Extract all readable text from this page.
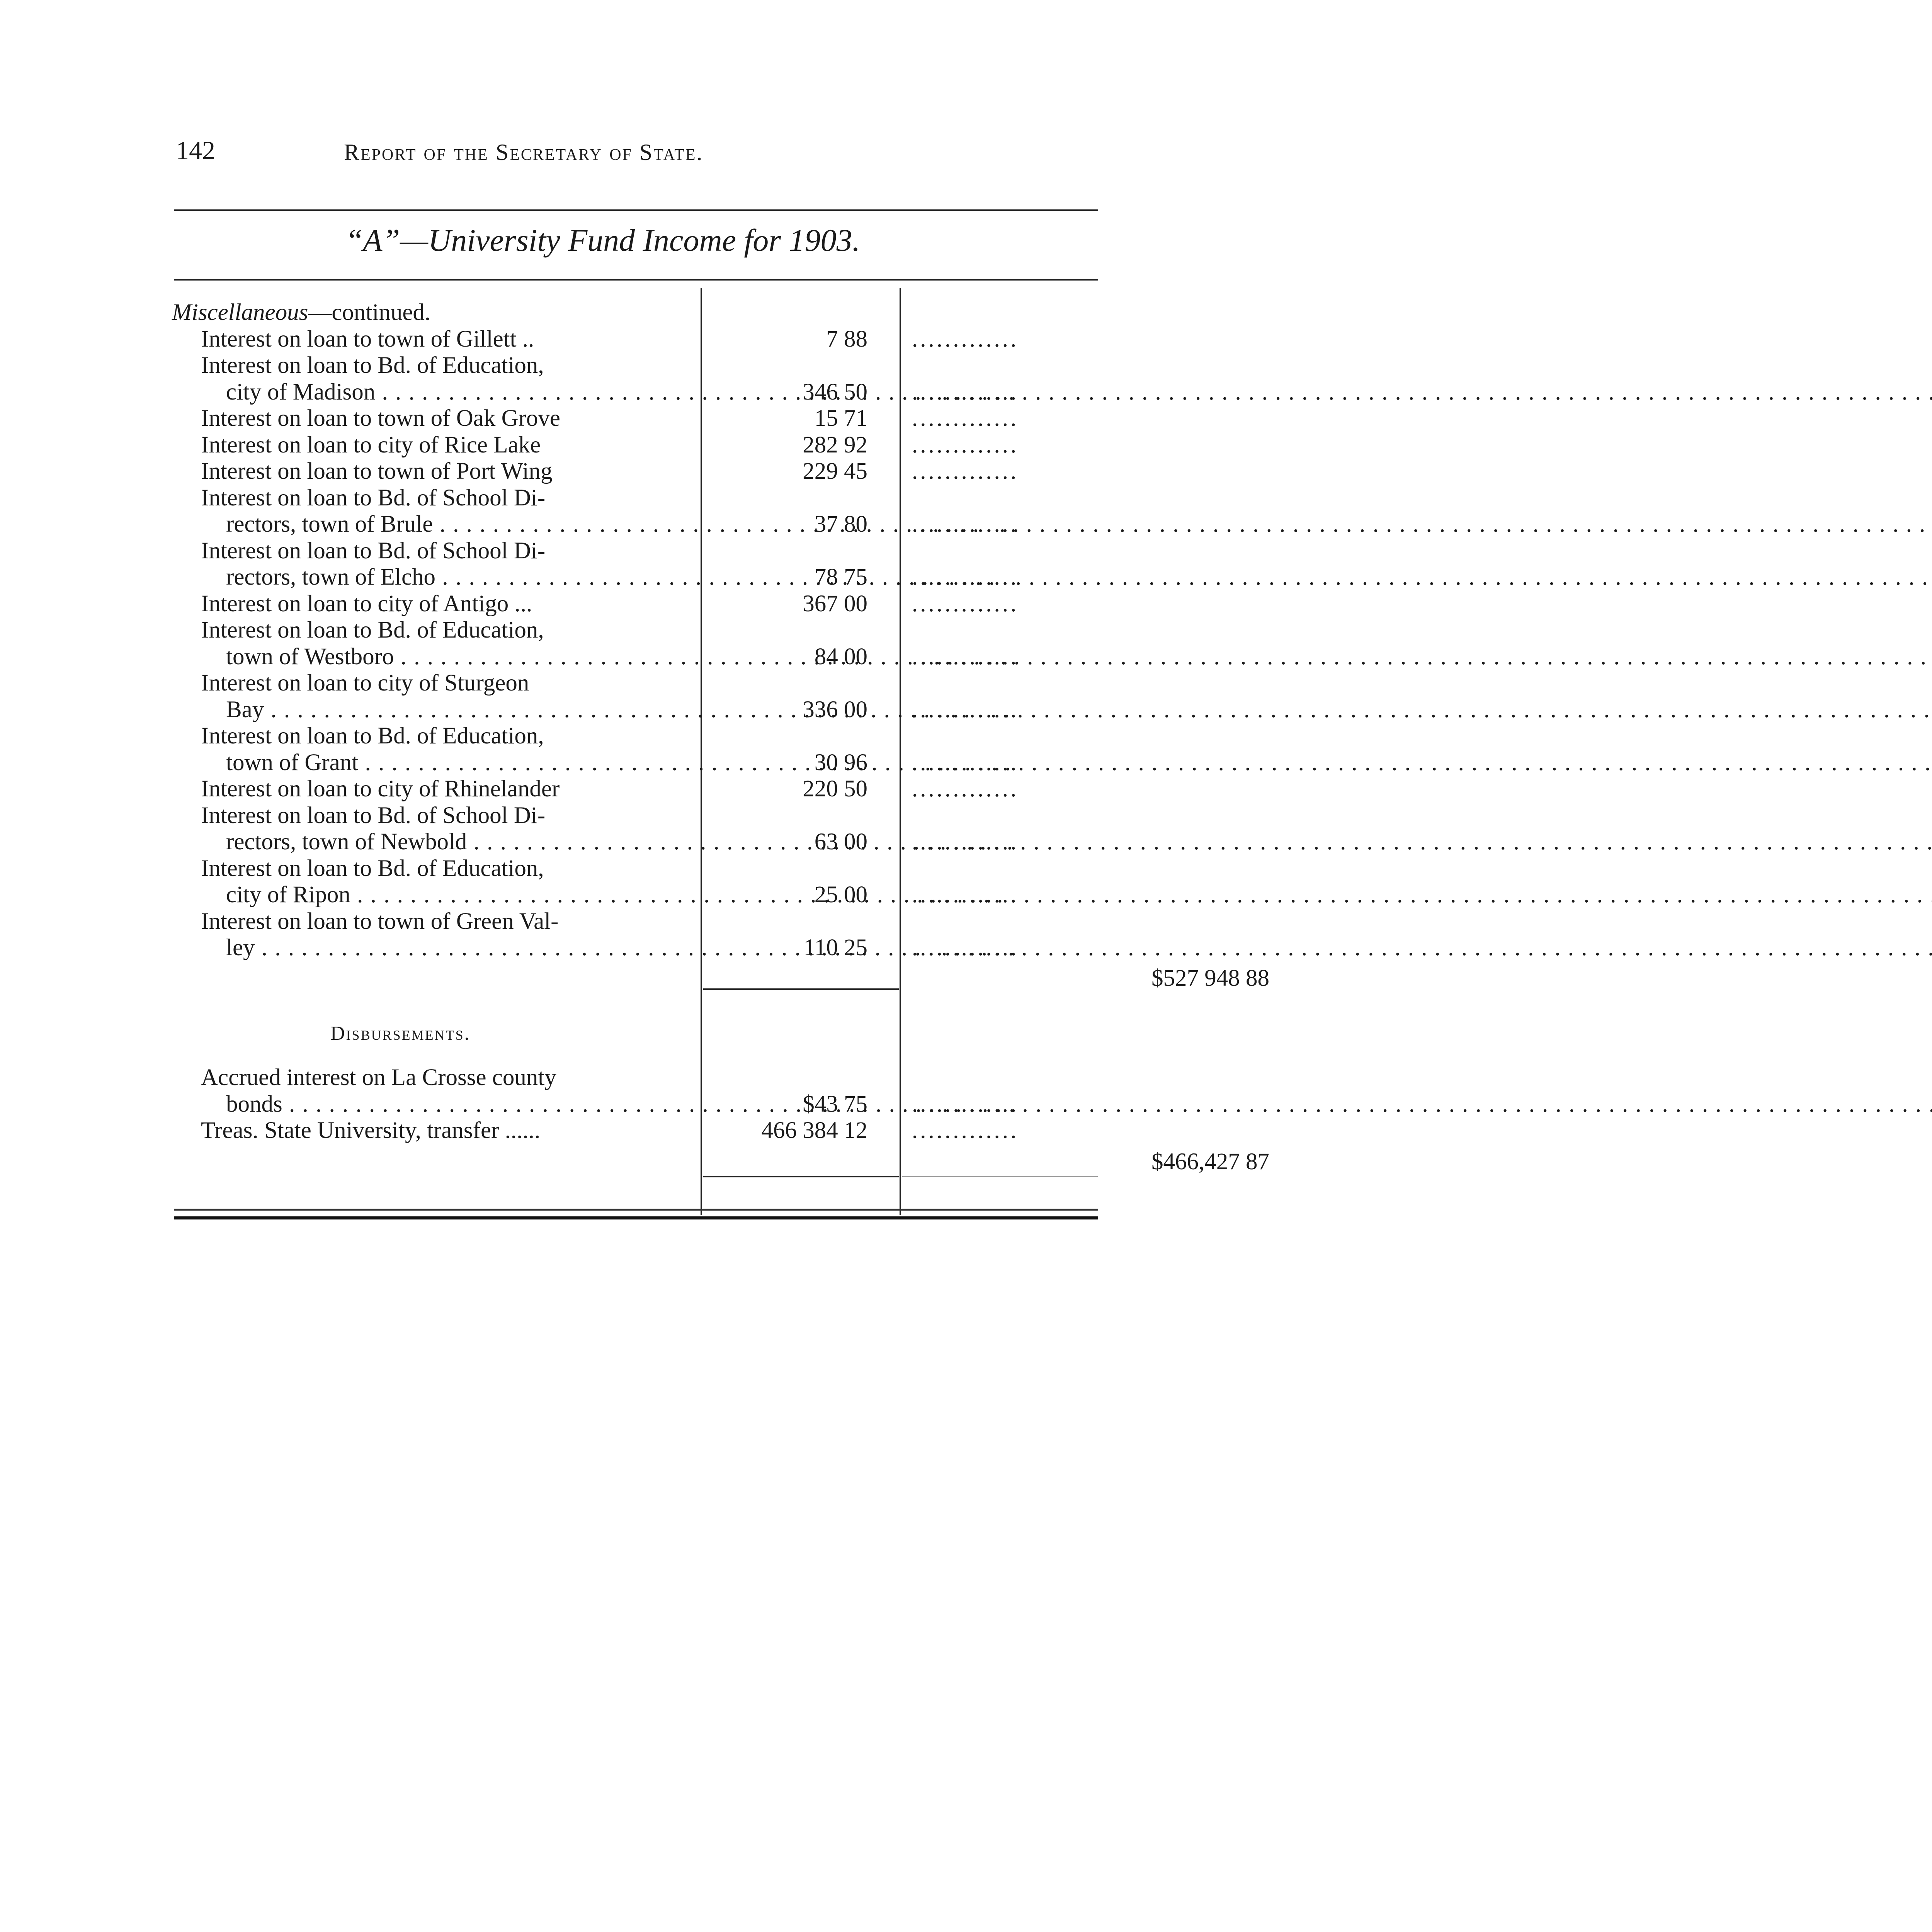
142	Report of the Secretary of State.
“A”—University Fund Income for 1903.
Miscellaneous—continued.
Interest on loan to town of Gillett ..	7 88 .............
Interest on loan to Bd. of Education,
city of Madison . . .	346 50 .............
Interest on loan to town of Oak Grove	15 71 .............
Interest on loan to city of Rice Lake	282 92 .............
Interest on loan to town of Port Wing	229 45 .............
Interest on loan to Bd. of School Di-
rectors, town of Brule . . .	37 80 .............
Interest on loan to Bd. of School Di-
rectors, town of Elcho . . .	78 75 .............
Interest on loan to city of Antigo ...	367 00 .............
Interest on loan to Bd. of Education,
town of Westboro . . .	84 00 .............
Interest on loan to city of Sturgeon
Bay . . .	336 00 .............
Interest on loan to Bd. of Education,
town of Grant . . .	30 96 .............
Interest on loan to city of Rhinelander	220 50 .............
Interest on loan to Bd. of School Di-
rectors, town of Newbold . . .	63 00 .............
Interest on loan to Bd. of Education,
city of Ripon . . .	25 00 .............
Interest on loan to town of Green Val-
ley . . .	110 25 .............
$527 948 88
Accrued interest on La Crosse county
bonds . . .	$43 75 .............
Treas. State University, transfer ......	466 384 12 .............
$466,427 87
Disbursements.
